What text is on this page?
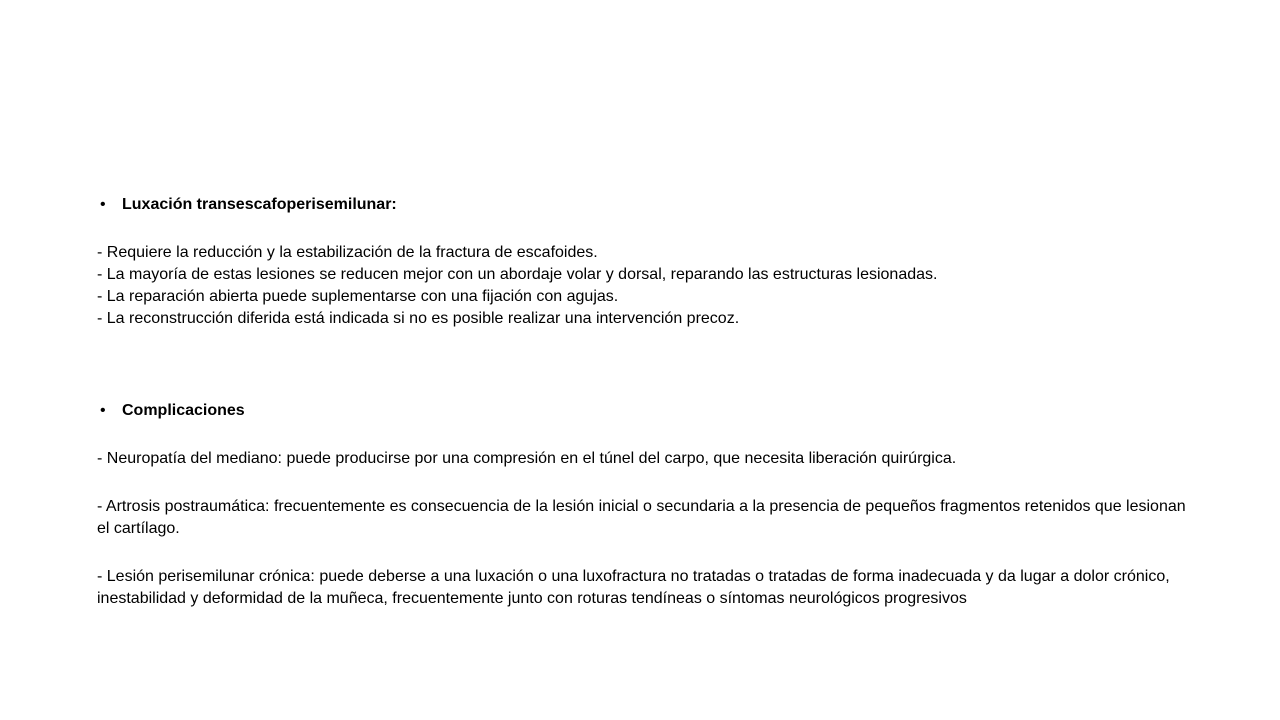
• Luxación transescafoperisemilunar:
- Requiere la reducción y la estabilización de la fractura de escafoides.
- La mayoría de estas lesiones se reducen mejor con un abordaje volar y dorsal, reparando las estructuras lesionadas.
- La reparación abierta puede suplementarse con una fijación con agujas.
- La reconstrucción diferida está indicada si no es posible realizar una intervención precoz.
• Complicaciones

- Neuropatía del mediano: puede producirse por una compresión en el túnel del carpo, que necesita liberación quirúrgica.

- Artrosis postraumática: frecuentemente es consecuencia de la lesión inicial o secundaria a la presencia de pequeños fragmentos retenidos que lesionan el cartílago.

- Lesión perisemilunar crónica: puede deberse a una luxación o una luxofractura no tratadas o tratadas de forma inadecuada y da lugar a dolor crónico, inestabilidad y deformidad de la muñeca, frecuentemente junto con roturas tendíneas o síntomas neurológicos progresivos
